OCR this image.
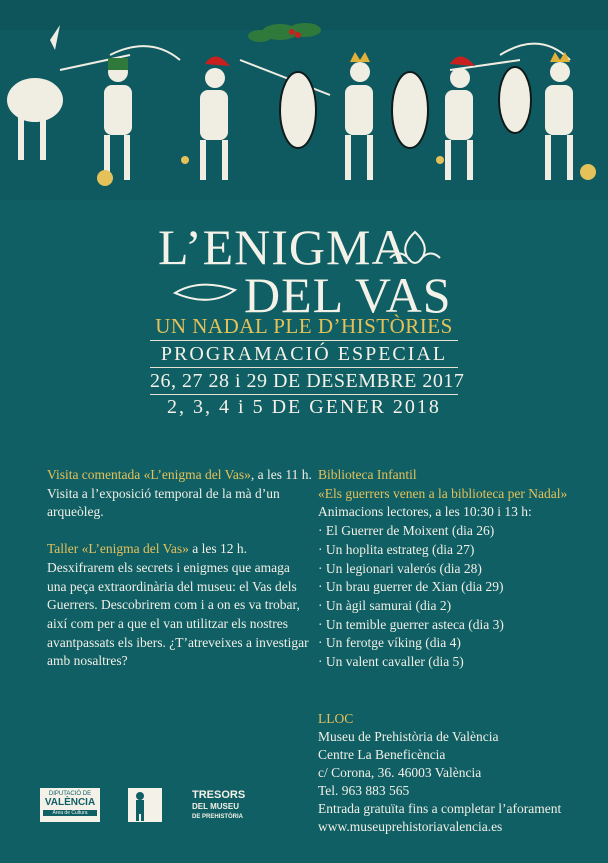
L’ENIGMA
DEL VAS
UN NADAL PLE D’HISTÒRIES
PROGRAMACIÓ ESPECIAL
26, 27 28 i 29 DE DESEMBRE 2017
2, 3, 4 i 5 DE GENER 2018

Visita comentada «L’enigma del Vas», a les 11 h.

Visita a l’exposició temporal de la mà d’un arqueòleg.

Taller «L’enigma del Vas» a les 12 h.

Desxifrarem els secrets i enigmes que amaga una peça extraordinària del museu: el Vas dels Guerrers. Descobrirem com i a on es va trobar, així com per a que el van utilitzar els nostres avantpassats els ibers. ¿T’atreveixes a investigar amb nosaltres?

Biblioteca Infantil

«Els guerrers venen a la biblioteca per Nadal»

Animacions lectores, a les 10:30 i 13 h:

· El Guerrer de Moixent (dia 26)

· Un hoplita estrateg (dia 27)

· Un legionari valerós (dia 28)

· Un brau guerrer de Xian (dia 29)

· Un àgil samurai (dia 2)

· Un temible guerrer asteca (dia 3)

· Un ferotge víking (dia 4)

· Un valent cavaller (dia 5)

LLOC

Museu de Prehistòria de València

Centre La Beneficència

c/ Corona, 36. 46003 València

Tel. 963 883 565

Entrada gratuïta fins a completar l’aforament

www.museuprehistoriavalencia.es

DIPUTACIÓ DE
VALÈNCIA
Àrea de Cultura
TRESORS
DEL MUSEU
DE PREHISTÒRIA
